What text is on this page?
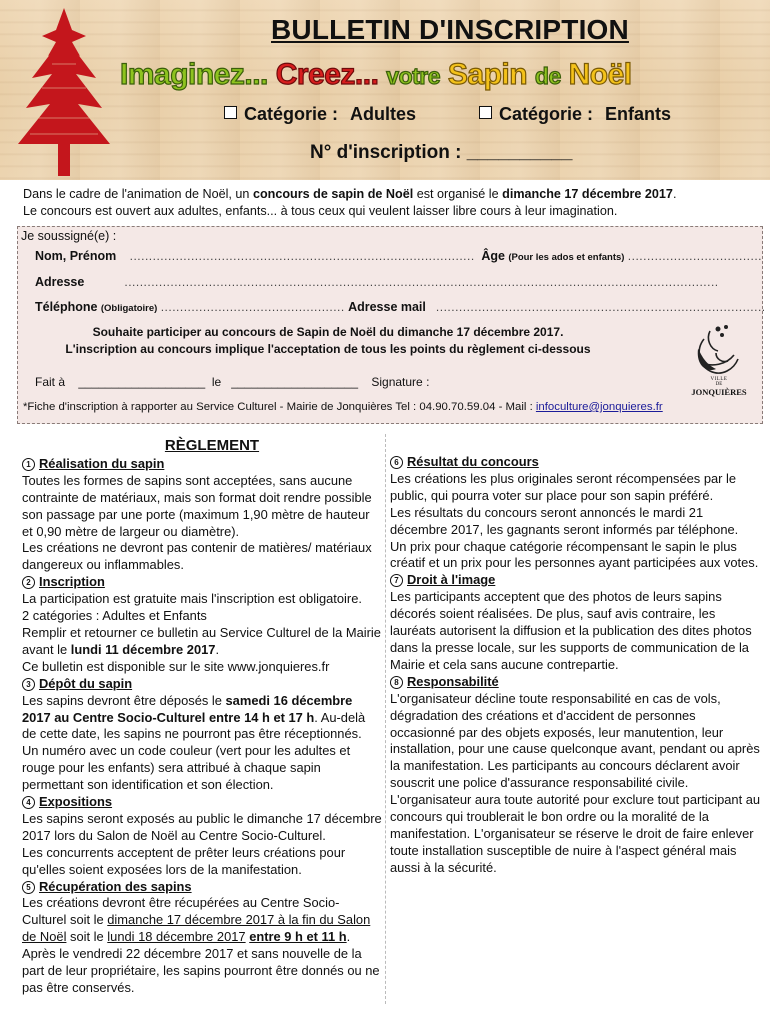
BULLETIN D'INSCRIPTION
Imaginez... Creez... votre Sapin de Noël
Catégorie : Adultes	Catégorie : Enfants
N° d'inscription : __________

Dans le cadre de l'animation de Noël, un concours de sapin de Noël est organisé le dimanche 17 décembre 2017.

Le concours est ouvert aux adultes, enfants... à tous ceux qui veulent laisser libre cours à leur imagination.

Je soussigné(e) :
Nom, Prénom .......................................................................................... Âge (Pour les ados et enfants) ...................................
Adresse	...........................................................................................................................................................
Téléphone (Obligatoire) ................................................ Adresse mail ......................................................................................
Souhaite participer au concours de Sapin de Noël du dimanche 17 décembre 2017.
L'inscription au concours implique l'acceptation de tous les points du règlement ci-dessous
Fait à ___________________ le ___________________ Signature :	VILLE
DE
JONQUIÈRES
*Fiche d'inscription à rapporter au Service Culturel - Mairie de Jonquières Tel : 04.90.70.59.04 - Mail : infoculture@jonquieres.fr
RÈGLEMENT
1 Réalisation du sapin

Toutes les formes de sapins sont acceptées, sans aucune contrainte de matériaux, mais son format doit rendre possible son passage par une porte (maximum 1,90 mètre de hauteur et 0,90 mètre de largeur ou diamètre).

Les créations ne devront pas contenir de matières/ matériaux dangereux ou inflammables.

2 Inscription

La participation est gratuite mais l'inscription est obligatoire.

2 catégories : Adultes et Enfants

Remplir et retourner ce bulletin au Service Culturel de la Mairie avant le lundi 11 décembre 2017.

Ce bulletin est disponible sur le site www.jonquieres.fr

3 Dépôt du sapin

Les sapins devront être déposés le samedi 16 décembre 2017 au Centre Socio-Culturel entre 14 h et 17 h. Au-delà de cette date, les sapins ne pourront pas être réceptionnés.

Un numéro avec un code couleur (vert pour les adultes et rouge pour les enfants) sera attribué à chaque sapin permettant son identification et son élection.

4 Expositions

Les sapins seront exposés au public le dimanche 17 décembre 2017 lors du Salon de Noël au Centre Socio-Culturel.

Les concurrents acceptent de prêter leurs créations pour qu'elles soient exposées lors de la manifestation.

5 Récupération des sapins

Les créations devront être récupérées au Centre Socio-Culturel soit le dimanche 17 décembre 2017 à la fin du Salon de Noël soit le lundi 18 décembre 2017 entre 9 h et 11 h. Après le vendredi 22 décembre 2017 et sans nouvelle de la part de leur propriétaire, les sapins pourront être donnés ou ne pas être conservés.

6 Résultat du concours

Les créations les plus originales seront récompensées par le public, qui pourra voter sur place pour son sapin préféré.

Les résultats du concours seront annoncés le mardi 21 décembre 2017, les gagnants seront informés par téléphone.

Un prix pour chaque catégorie récompensant le sapin le plus créatif et un prix pour les personnes ayant participées aux votes.

7 Droit à l'image

Les participants acceptent que des photos de leurs sapins décorés soient réalisées. De plus, sauf avis contraire, les lauréats autorisent la diffusion et la publication des dites photos dans la presse locale, sur les supports de communication de la Mairie et cela sans aucune contrepartie.

8 Responsabilité

L'organisateur décline toute responsabilité en cas de vols, dégradation des créations et d'accident de personnes occasionné par des objets exposés, leur manutention, leur installation, pour une cause quelconque avant, pendant ou après la manifestation. Les participants au concours déclarent avoir souscrit une police d'assurance responsabilité civile.

L'organisateur aura toute autorité pour exclure tout participant au concours qui troublerait le bon ordre ou la moralité de la manifestation. L'organisateur se réserve le droit de faire enlever toute installation susceptible de nuire à l'aspect général mais aussi à la sécurité.
